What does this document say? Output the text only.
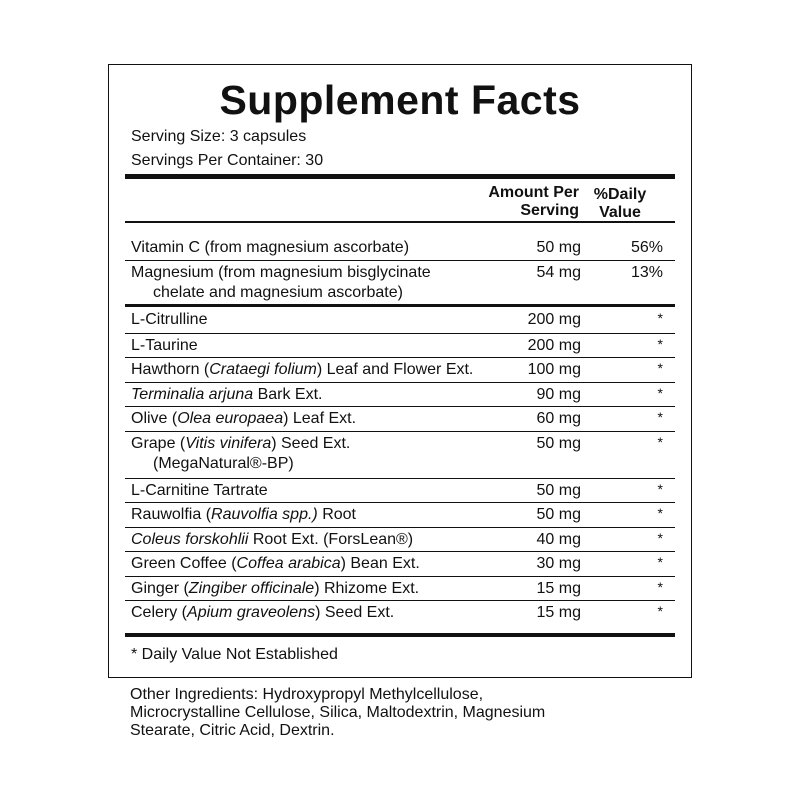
Supplement Facts
Serving Size: 3 capsules
Servings Per Container: 30
Amount Per
Serving
%Daily
Value
Vitamin C (from magnesium ascorbate)	50 mg	56%
Magnesium (from magnesium bisglycinate
chelate and magnesium ascorbate)
54 mg	13%
L-Citrulline	200 mg	*
L-Taurine	200 mg	*
Hawthorn (Crataegi folium) Leaf and Flower Ext.	100 mg	*
Terminalia arjuna Bark Ext.	90 mg	*
Olive (Olea europaea) Leaf Ext.	60 mg	*
Grape (Vitis vinifera) Seed Ext.
(MegaNatural®-BP)
50 mg	*
L-Carnitine Tartrate	50 mg	*
Rauwolfia (Rauvolfia spp.) Root	50 mg	*
Coleus forskohlii Root Ext. (ForsLean®)	40 mg	*
Green Coffee (Coffea arabica) Bean Ext.	30 mg	*
Ginger (Zingiber officinale) Rhizome Ext.	15 mg	*
Celery (Apium graveolens) Seed Ext.	15 mg	*
* Daily Value Not Established
Other Ingredients: Hydroxypropyl Methylcellulose,
Microcrystalline Cellulose, Silica, Maltodextrin, Magnesium
Stearate, Citric Acid, Dextrin.
